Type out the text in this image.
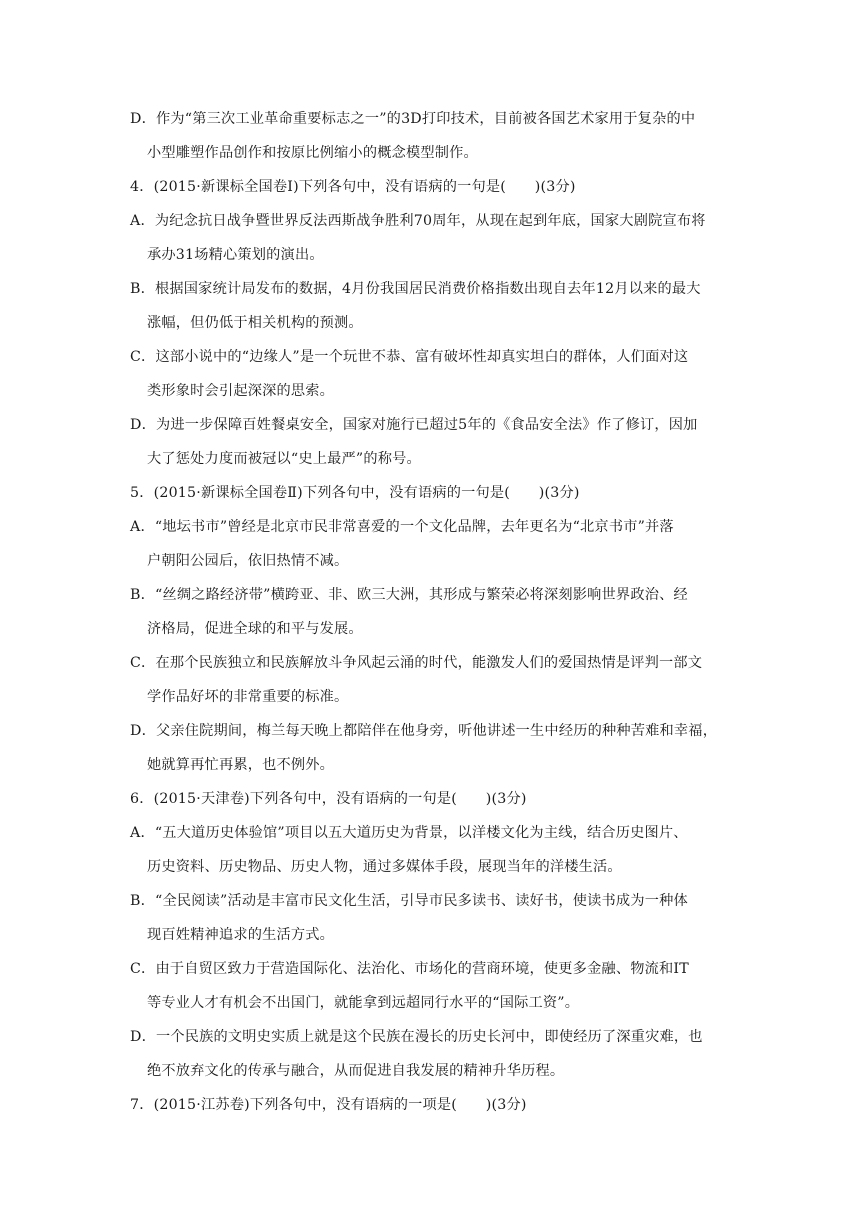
D．作为“第三次工业革命重要标志之一”的3D打印技术，目前被各国艺术家用于复杂的中
小型雕塑作品创作和按原比例缩小的概念模型制作。
4．(2015·新课标全国卷Ⅰ)下列各句中，没有语病的一句是(　　)(3分)
A．为纪念抗日战争暨世界反法西斯战争胜利70周年，从现在起到年底，国家大剧院宣布将
承办31场精心策划的演出。
B．根据国家统计局发布的数据，4月份我国居民消费价格指数出现自去年12月以来的最大
涨幅，但仍低于相关机构的预测。
C．这部小说中的“边缘人”是一个玩世不恭、富有破坏性却真实坦白的群体，人们面对这
类形象时会引起深深的思索。
D．为进一步保障百姓餐桌安全，国家对施行已超过5年的《食品安全法》作了修订，因加
大了惩处力度而被冠以“史上最严”的称号。
5．(2015·新课标全国卷Ⅱ)下列各句中，没有语病的一句是(　　)(3分)
A．“地坛书市”曾经是北京市民非常喜爱的一个文化品牌，去年更名为“北京书市”并落
户朝阳公园后，依旧热情不减。
B．“丝绸之路经济带”横跨亚、非、欧三大洲，其形成与繁荣必将深刻影响世界政治、经
济格局，促进全球的和平与发展。
C．在那个民族独立和民族解放斗争风起云涌的时代，能激发人们的爱国热情是评判一部文
学作品好坏的非常重要的标准。
D．父亲住院期间，梅兰每天晚上都陪伴在他身旁，听他讲述一生中经历的种种苦难和幸福，
她就算再忙再累，也不例外。
6．(2015·天津卷)下列各句中，没有语病的一句是(　　)(3分)
A．“五大道历史体验馆”项目以五大道历史为背景，以洋楼文化为主线，结合历史图片、
历史资料、历史物品、历史人物，通过多媒体手段，展现当年的洋楼生活。
B．“全民阅读”活动是丰富市民文化生活，引导市民多读书、读好书，使读书成为一种体
现百姓精神追求的生活方式。
C．由于自贸区致力于营造国际化、法治化、市场化的营商环境，使更多金融、物流和IT
等专业人才有机会不出国门，就能拿到远超同行水平的“国际工资”。
D．一个民族的文明史实质上就是这个民族在漫长的历史长河中，即使经历了深重灾难，也
绝不放弃文化的传承与融合，从而促进自我发展的精神升华历程。
7．(2015·江苏卷)下列各句中，没有语病的一项是(　　)(3分)
